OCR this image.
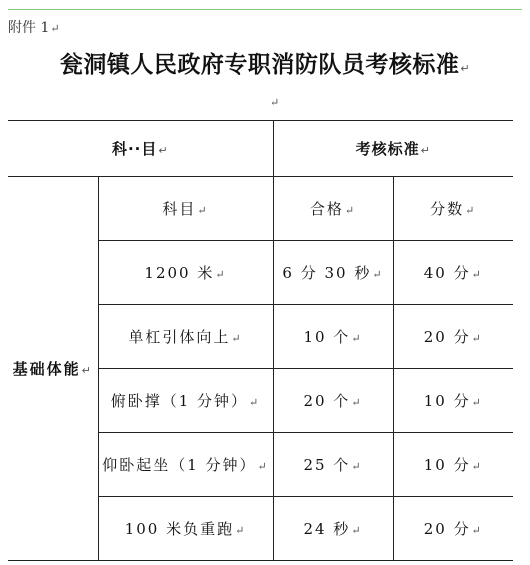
附件 1↵
瓮洞镇人民政府专职消防队员考核标准↵
↵
科··目↵		考核标准↵	
基础体能↵	科目↵	合格↵	分数↵
	1200 米↵	6 分 30 秒↵	40 分↵
	单杠引体向上↵	10 个↵	20 分↵
	俯卧撑（1 分钟）↵	20 个↵	10 分↵
	仰卧起坐（1 分钟）↵	25 个↵	10 分↵
	100 米负重跑↵	24 秒↵	20 分↵
